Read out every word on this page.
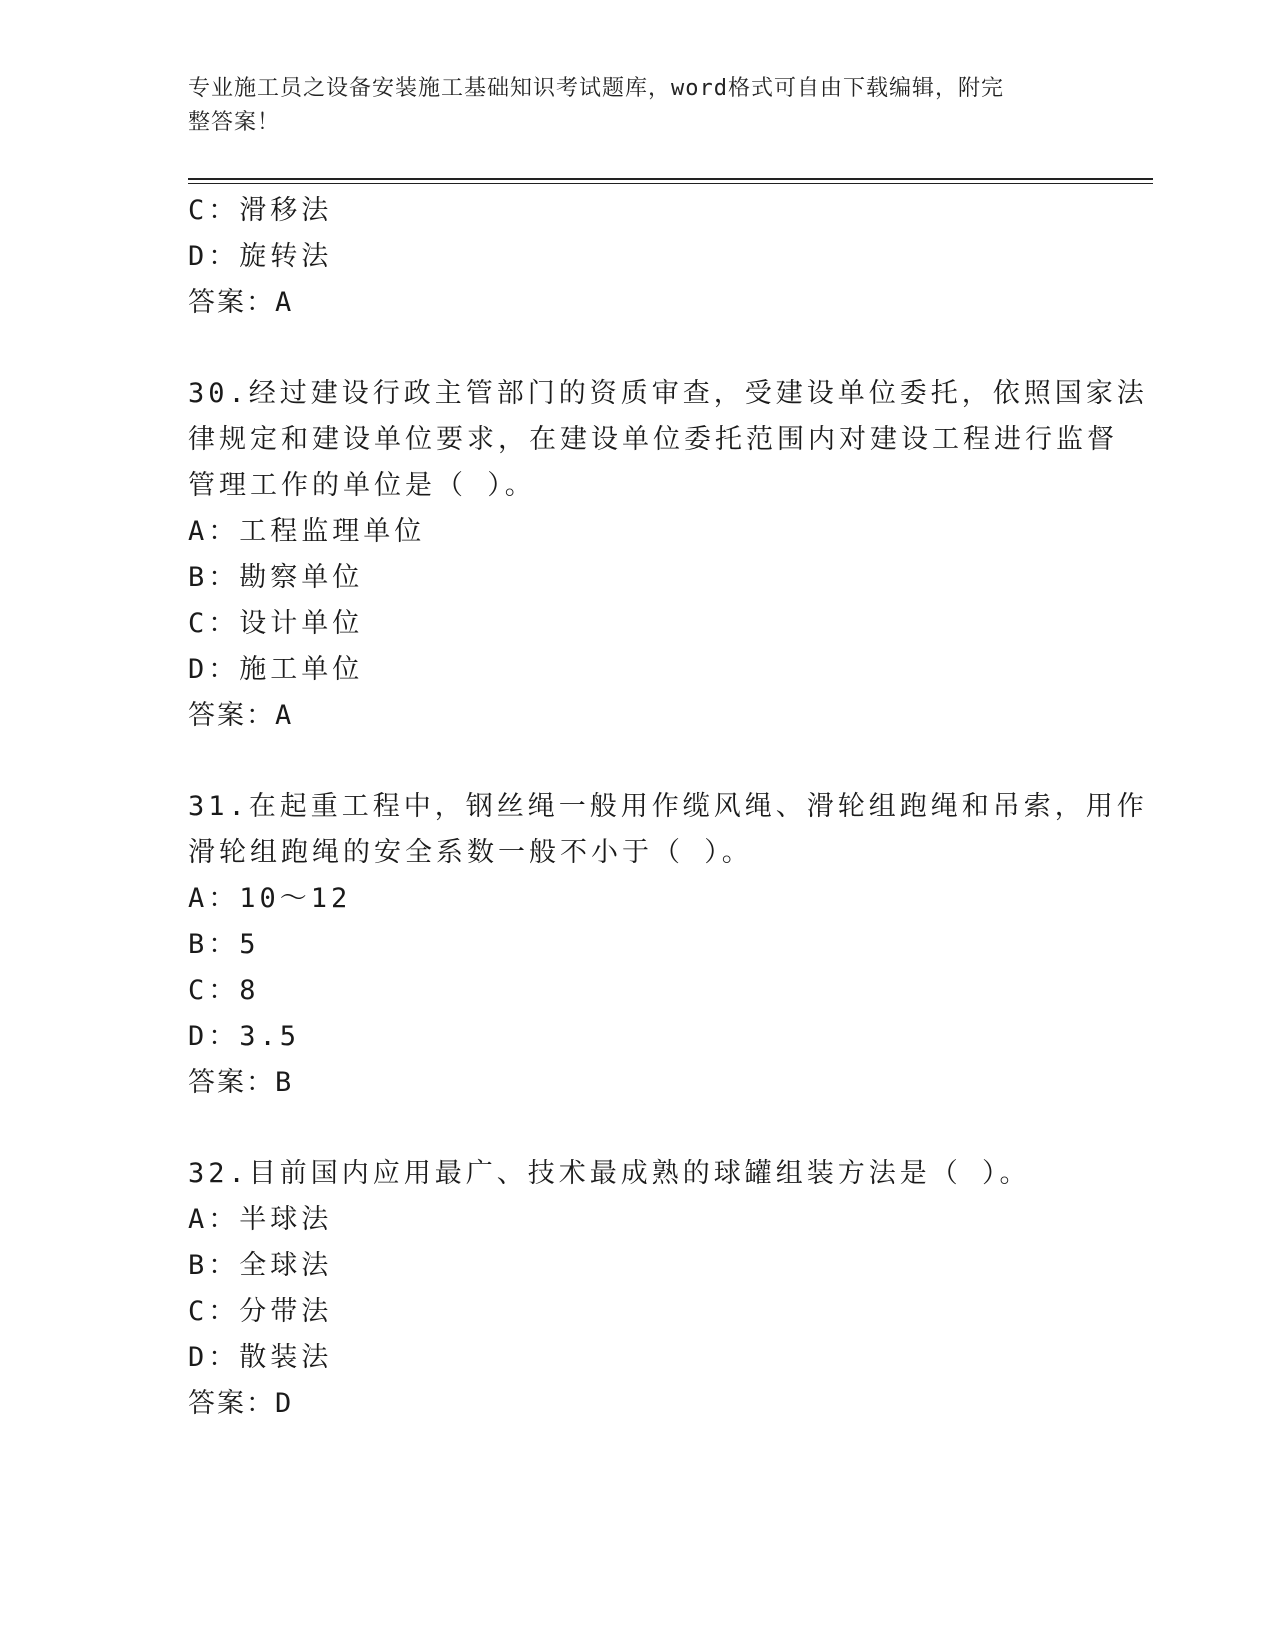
专业施工员之设备安装施工基础知识考试题库，word格式可自由下载编辑，附完
整答案！
C：滑移法
D：旋转法
答案：A
30.经过建设行政主管部门的资质审查，受建设单位委托，依照国家法
律规定和建设单位要求，在建设单位委托范围内对建设工程进行监督
管理工作的单位是（ ）。
A：工程监理单位
B：勘察单位
C：设计单位
D：施工单位
答案：A
31.在起重工程中，钢丝绳一般用作缆风绳、滑轮组跑绳和吊索，用作
滑轮组跑绳的安全系数一般不小于（ ）。
A：10～12
B：5
C：8
D：3.5
答案：B
32.目前国内应用最广、技术最成熟的球罐组装方法是（ ）。
A：半球法
B：全球法
C：分带法
D：散装法
答案：D
